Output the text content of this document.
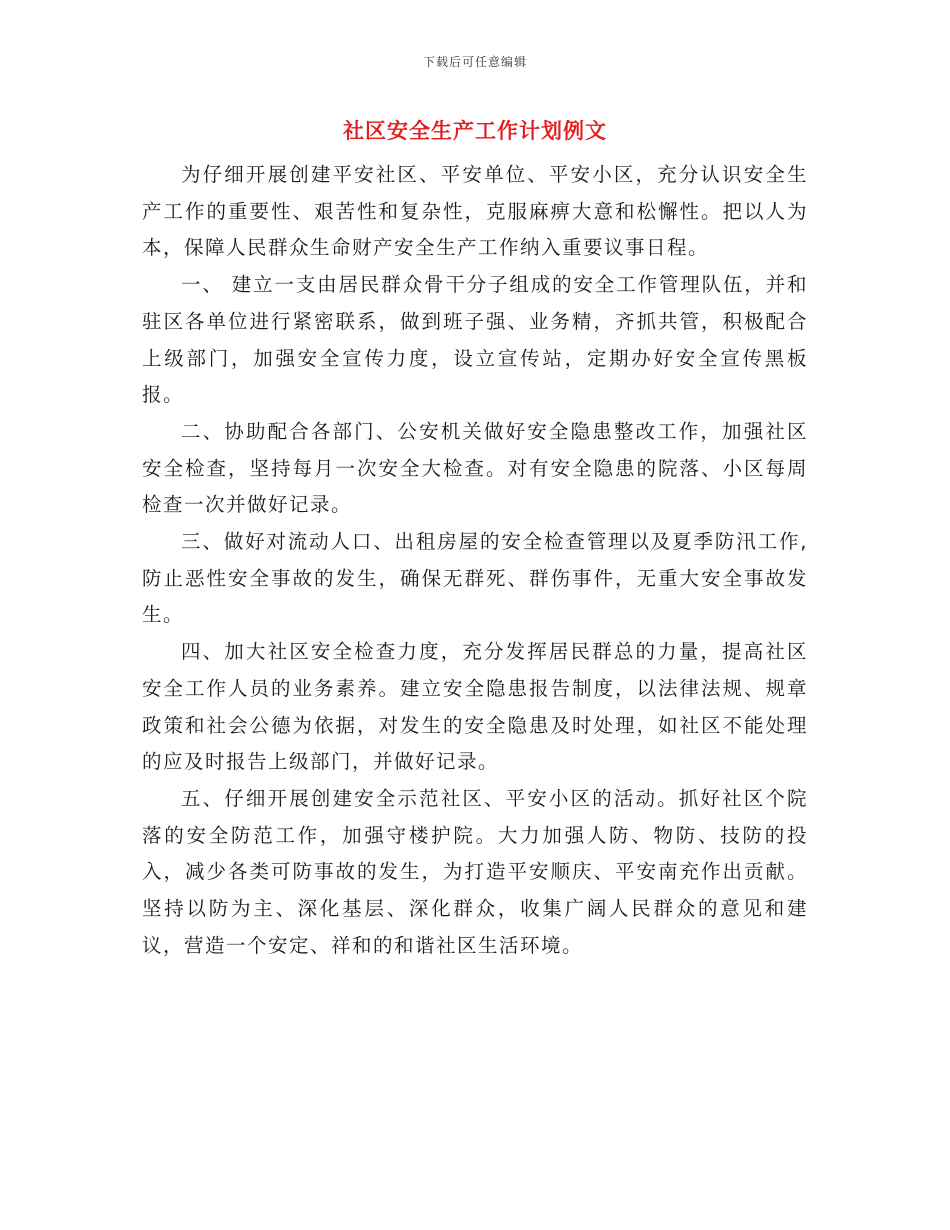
下载后可任意编辑
社区安全生产工作计划例文

为仔细开展创建平安社区、平安单位、平安小区，充分认识安全生产工作的重要性、艰苦性和复杂性，克服麻痹大意和松懈性。把以人为本，保障人民群众生命财产安全生产工作纳入重要议事日程。

一、 建立一支由居民群众骨干分子组成的安全工作管理队伍，并和驻区各单位进行紧密联系，做到班子强、业务精，齐抓共管，积极配合上级部门，加强安全宣传力度，设立宣传站，定期办好安全宣传黑板报。

二、协助配合各部门、公安机关做好安全隐患整改工作，加强社区安全检查，坚持每月一次安全大检查。对有安全隐患的院落、小区每周检查一次并做好记录。

三、做好对流动人口、出租房屋的安全检查管理以及夏季防汛工作,防止恶性安全事故的发生，确保无群死、群伤事件，无重大安全事故发生。

四、加大社区安全检查力度，充分发挥居民群总的力量，提高社区安全工作人员的业务素养。建立安全隐患报告制度，以法律法规、规章政策和社会公德为依据，对发生的安全隐患及时处理，如社区不能处理的应及时报告上级部门，并做好记录。

五、仔细开展创建安全示范社区、平安小区的活动。抓好社区个院落的安全防范工作，加强守楼护院。大力加强人防、物防、技防的投入，减少各类可防事故的发生，为打造平安顺庆、平安南充作出贡献。坚持以防为主、深化基层、深化群众，收集广阔人民群众的意见和建议，营造一个安定、祥和的和谐社区生活环境。
